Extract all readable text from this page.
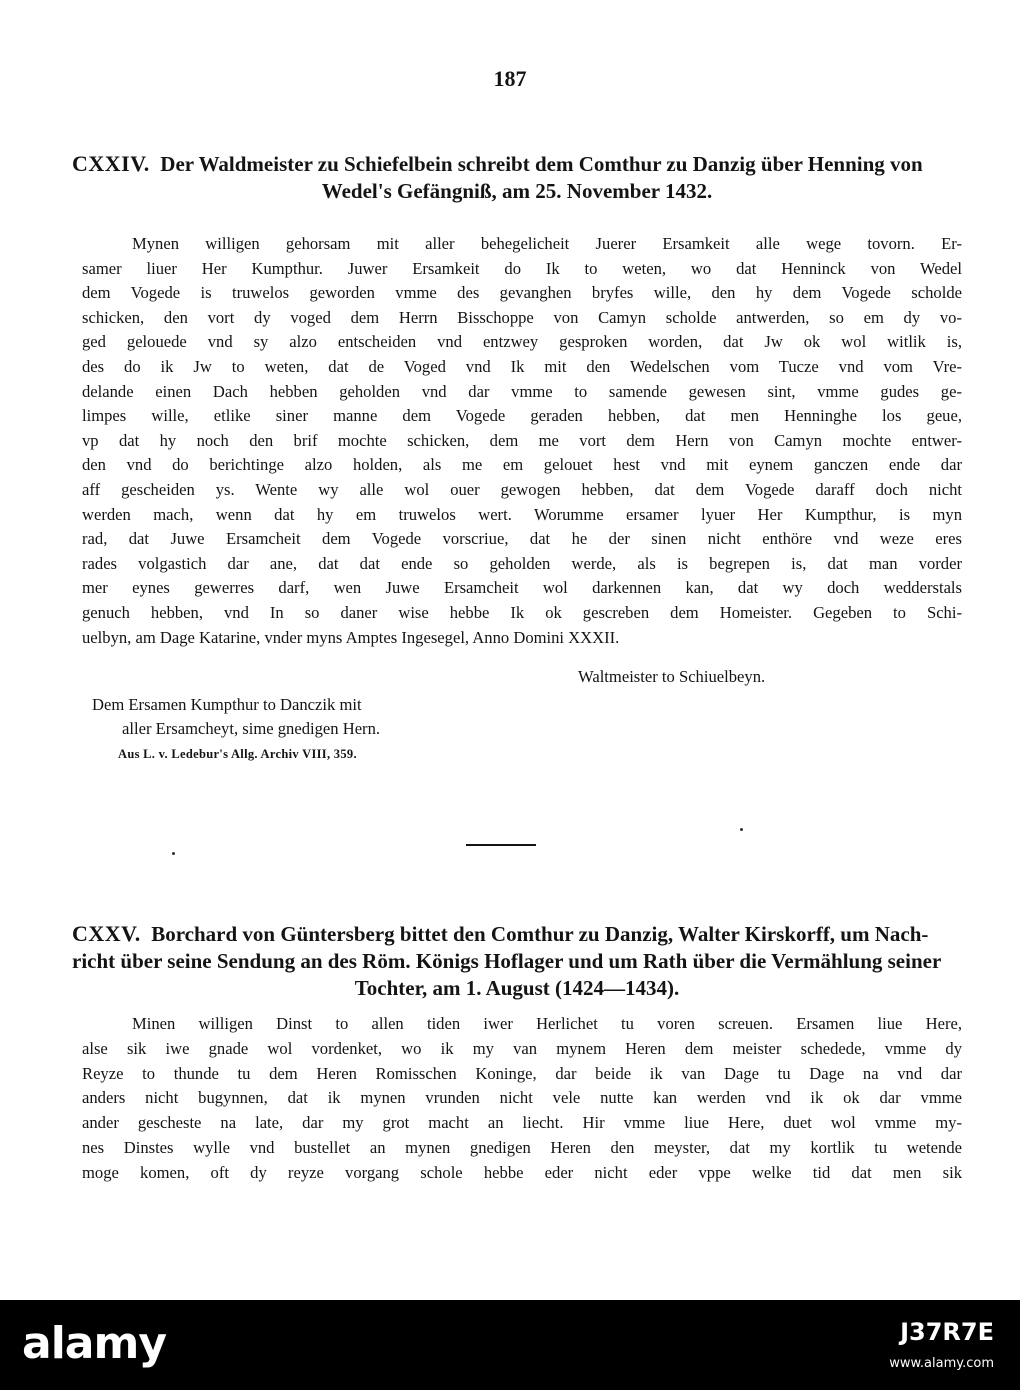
187
CXXIV. Der Waldmeister zu Schiefelbein schreibt dem Comthur zu Danzig über Henning von
Wedel's Gefängniß, am 25. November 1432.
Mynen willigen gehorsam mit aller behegelicheit Juerer Ersamkeit alle wege tovorn. Er-
samer liuer Her Kumpthur. Juwer Ersamkeit do Ik to weten, wo dat Henninck von Wedel
dem Vogede is truwelos geworden vmme des gevanghen bryfes wille, den hy dem Vogede scholde
schicken, den vort dy voged dem Herrn Bisschoppe von Camyn scholde antwerden, so em dy vo-
ged gelouede vnd sy alzo entscheiden vnd entzwey gesproken worden, dat Jw ok wol witlik is,
des do ik Jw to weten, dat de Voged vnd Ik mit den Wedelschen vom Tucze vnd vom Vre-
delande einen Dach hebben geholden vnd dar vmme to samende gewesen sint, vmme gudes ge-
limpes wille, etlike siner manne dem Vogede geraden hebben, dat men Henninghe los geue,
vp dat hy noch den brif mochte schicken, dem me vort dem Hern von Camyn mochte entwer-
den vnd do berichtinge alzo holden, als me em gelouet hest vnd mit eynem ganczen ende dar
aff gescheiden ys. Wente wy alle wol ouer gewogen hebben, dat dem Vogede daraff doch nicht
werden mach, wenn dat hy em truwelos wert. Worumme ersamer lyuer Her Kumpthur, is myn
rad, dat Juwe Ersamcheit dem Vogede vorscriue, dat he der sinen nicht enthöre vnd weze eres
rades volgastich dar ane, dat dat ende so geholden werde, als is begrepen is, dat man vorder
mer eynes gewerres darf, wen Juwe Ersamcheit wol darkennen kan, dat wy doch wedderstals
genuch hebben, vnd In so daner wise hebbe Ik ok gescreben dem Homeister. Gegeben to Schi-
uelbyn, am Dage Katarine, vnder myns Amptes Ingesegel, Anno Domini XXXII.
Waltmeister to Schiuelbeyn.
Dem Ersamen Kumpthur to Danczik mit
aller Ersamcheyt, sime gnedigen Hern.
Aus L. v. Ledebur's Allg. Archiv VIII, 359.
CXXV. Borchard von Güntersberg bittet den Comthur zu Danzig, Walter Kirskorff, um Nach-
richt über seine Sendung an des Röm. Königs Hoflager und um Rath über die Vermählung seiner
Tochter, am 1. August (1424—1434).
Minen willigen Dinst to allen tiden iwer Herlichet tu voren screuen. Ersamen liue Here,
alse sik iwe gnade wol vordenket, wo ik my van mynem Heren dem meister schedede, vmme dy
Reyze to thunde tu dem Heren Romisschen Koninge, dar beide ik van Dage tu Dage na vnd dar
anders nicht bugynnen, dat ik mynen vrunden nicht vele nutte kan werden vnd ik ok dar vmme
ander gescheste na late, dar my grot macht an liecht. Hir vmme liue Here, duet wol vmme my-
nes Dinstes wylle vnd bustellet an mynen gnedigen Heren den meyster, dat my kortlik tu wetende
moge komen, oft dy reyze vorgang schole hebbe eder nicht eder vppe welke tid dat men sik
alamy	J37R7E
www.alamy.com
